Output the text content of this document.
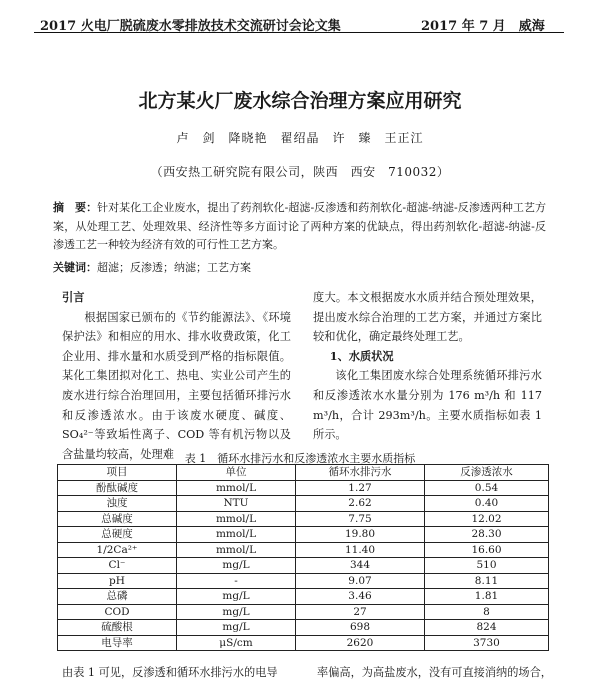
2017 火电厂脱硫废水零排放技术交流研讨会论文集	2017 年 7 月　威海
北方某火厂废水综合治理方案应用研究
卢　剑　降晓艳　翟绍晶　许　臻　王正江
（西安热工研究院有限公司，陕西　西安　710032）
摘　要：针对某化工企业废水，提出了药剂软化-超滤-反渗透和药剂软化-超滤-纳滤-反渗透两种工艺方案，从处理工艺、处理效果、经济性等多方面讨论了两种方案的优缺点，得出药剂软化-超滤-纳滤-反渗透工艺一种较为经济有效的可行性工艺方案。
关键词：超滤；反渗透；纳滤；工艺方案

引言

根据国家已颁布的《节约能源法》、《环境保护法》和相应的用水、排水收费政策，化工企业用、排水量和水质受到严格的指标限值。某化工集团拟对化工、热电、实业公司产生的废水进行综合治理回用，主要包括循环排污水和反渗透浓水。由于该废水硬度、碱度、SO₄²⁻等致垢性离子、COD 等有机污物以及含盐量均较高，处理难

度大。本文根据废水水质并结合预处理效果，提出废水综合治理的工艺方案，并通过方案比较和优化，确定最终处理工艺。

1、水质状况

该化工集团废水综合处理系统循环排污水和反渗透浓水水量分别为 176 m³/h 和 117 m³/h，合计 293m³/h。主要水质指标如表 1 所示。

表 1　循环水排污水和反渗透浓水主要水质指标
项目	单位	循环水排污水	反渗透浓水
酚酞碱度	mmol/L	1.27	0.54
浊度	NTU	2.62	0.40
总碱度	mmol/L	7.75	12.02
总硬度	mmol/L	19.80	28.30
1/2Ca²⁺	mmol/L	11.40	16.60
Cl⁻	mg/L	344	510
pH	-	9.07	8.11
总磷	mg/L	3.46	1.81
COD	mg/L	27	8
硫酸根	mg/L	698	824
电导率	μS/cm	2620	3730
由表 1 可见，反渗透和循环水排污水的电导	率偏高，为高盐废水，没有可直接消纳的场合，
